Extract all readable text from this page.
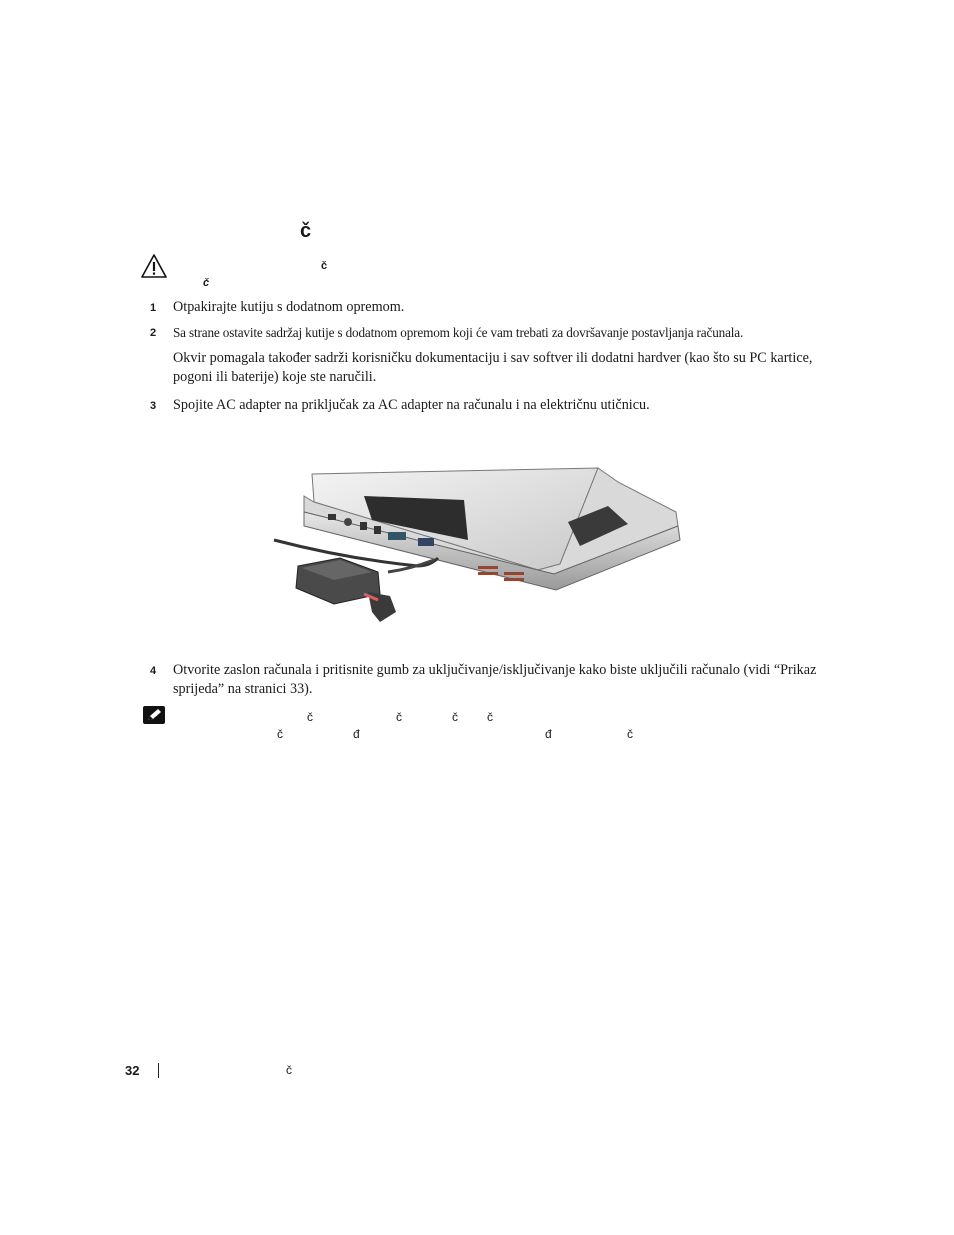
č
č
č
1 Otpakirajte kutiju s dodatnom opremom.
2 Sa strane ostavite sadržaj kutije s dodatnom opremom koji će vam trebati za dovršavanje postavljanja računala.
Okvir pomagala također sadrži korisničku dokumentaciju i sav softver ili dodatni hardver (kao što su PC kartice, pogoni ili baterije) koje ste naručili.
3 Spojite AC adapter na priključak za AC adapter na računalu i na električnu utičnicu.
4 Otvorite zaslon računala i pritisnite gumb za uključivanje/isključivanje kako biste uključili računalo (vidi “Prikaz sprijeda” na stranici 33).
č	č	č č
č	đ	đ	č
32	č
